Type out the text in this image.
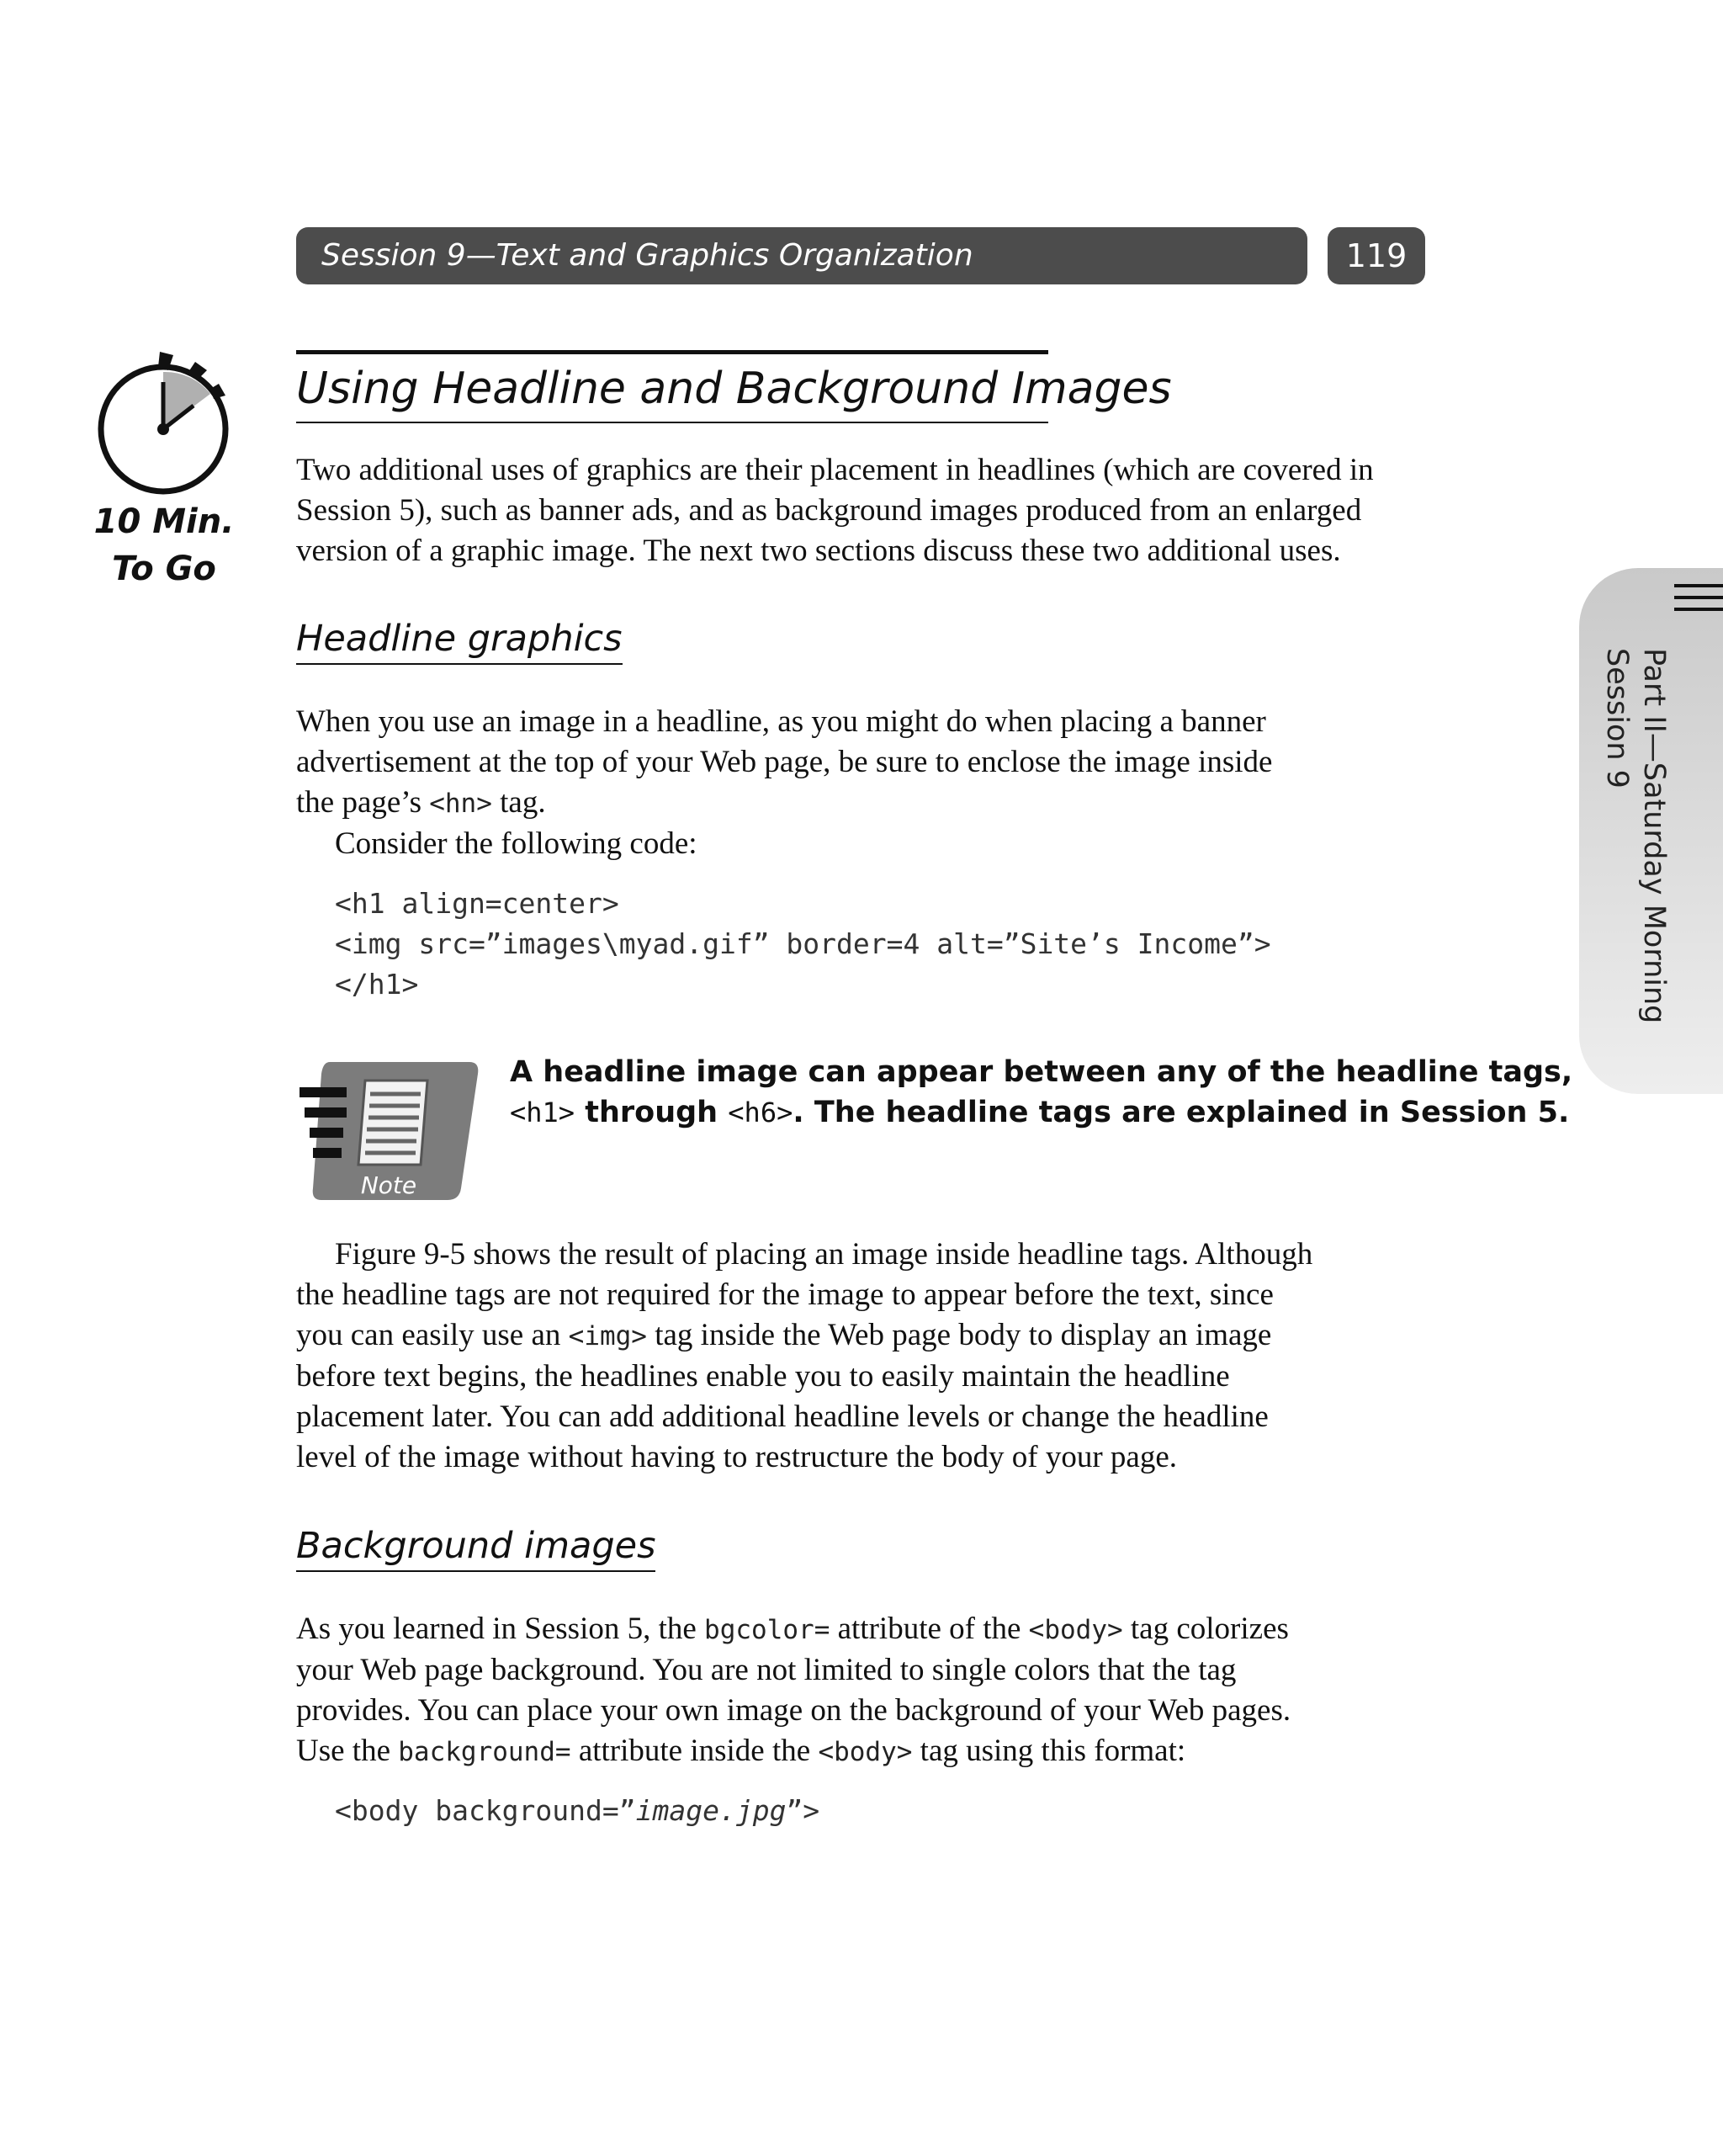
Session 9—Text and Graphics Organization	119
10 Min.
To Go
Using Headline and Background Images

Two additional uses of graphics are their placement in headlines (which are covered in
Session 5), such as banner ads, and as background images produced from an enlarged
version of a graphic image. The next two sections discuss these two additional uses.

Headline graphics

When you use an image in a headline, as you might do when placing a banner
advertisement at the top of your Web page, be sure to enclose the image inside
the page’s <hn> tag.
Consider the following code:

<h1 align=center>
<img src=”images\myad.gif” border=4 alt=”Site’s Income”>
</h1>
Note

A headline image can appear between any of the headline tags,
<h1> through <h6>. The headline tags are explained in Session 5.

Figure 9-5 shows the result of placing an image inside headline tags. Although
the headline tags are not required for the image to appear before the text, since
you can easily use an <img> tag inside the Web page body to display an image
before text begins, the headlines enable you to easily maintain the headline
placement later. You can add additional headline levels or change the headline
level of the image without having to restructure the body of your page.

Background images

As you learned in Session 5, the bgcolor= attribute of the <body> tag colorizes
your Web page background. You are not limited to single colors that the tag
provides. You can place your own image on the background of your Web pages.
Use the background= attribute inside the <body> tag using this format:

<body background=”image.jpg”>
Part II—Saturday Morning
Session 9
